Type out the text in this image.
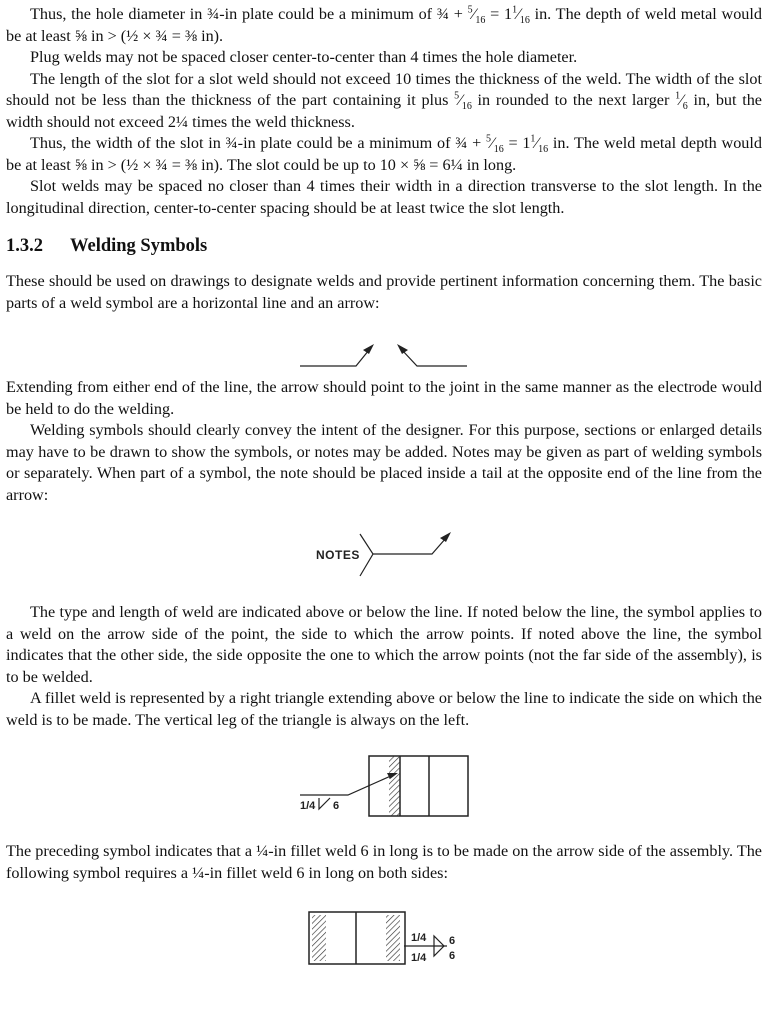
Thus, the hole diameter in ¾-in plate could be a minimum of ¾ + $^5⁄_{16}$ = $1^1⁄_{16}$ in. The depth of weld metal would be at least ⅝ in > (½ × ¾ = ⅜ in).

Plug welds may not be spaced closer center-to-center than 4 times the hole diameter.

The length of the slot for a slot weld should not exceed 10 times the thickness of the weld. The width of the slot should not be less than the thickness of the part containing it plus $^5⁄_{16}$ in rounded to the next larger $^1⁄_6$ in, but the width should not exceed 2¼ times the weld thickness.

Thus, the width of the slot in ¾-in plate could be a minimum of ¾ + $^5⁄_{16}$ = $1^1⁄_{16}$ in. The weld metal depth would be at least ⅝ in > (½ × ¾ = ⅜ in). The slot could be up to 10 × ⅝ = 6¼ in long.

Slot welds may be spaced no closer than 4 times their width in a direction transverse to the slot length. In the longitudinal direction, center-to-center spacing should be at least twice the slot length.

1.3.2 Welding Symbols

These should be used on drawings to designate welds and provide pertinent information concerning them. The basic parts of a weld symbol are a horizontal line and an arrow:

Extending from either end of the line, the arrow should point to the joint in the same manner as the electrode would be held to do the welding.

Welding symbols should clearly convey the intent of the designer. For this purpose, sections or enlarged details may have to be drawn to show the symbols, or notes may be added. Notes may be given as part of welding symbols or separately. When part of a symbol, the note should be placed inside a tail at the opposite end of the line from the arrow:

NOTES

The type and length of weld are indicated above or below the line. If noted below the line, the symbol applies to a weld on the arrow side of the point, the side to which the arrow points. If noted above the line, the symbol indicates that the other side, the side opposite the one to which the arrow points (not the far side of the assembly), is to be welded.

A fillet weld is represented by a right triangle extending above or below the line to indicate the side on which the weld is to be made. The vertical leg of the triangle is always on the left.

1/4 6

The preceding symbol indicates that a ¼-in fillet weld 6 in long is to be made on the arrow side of the assembly. The following symbol requires a ¼-in fillet weld 6 in long on both sides:

1/4 6
1/4 6
